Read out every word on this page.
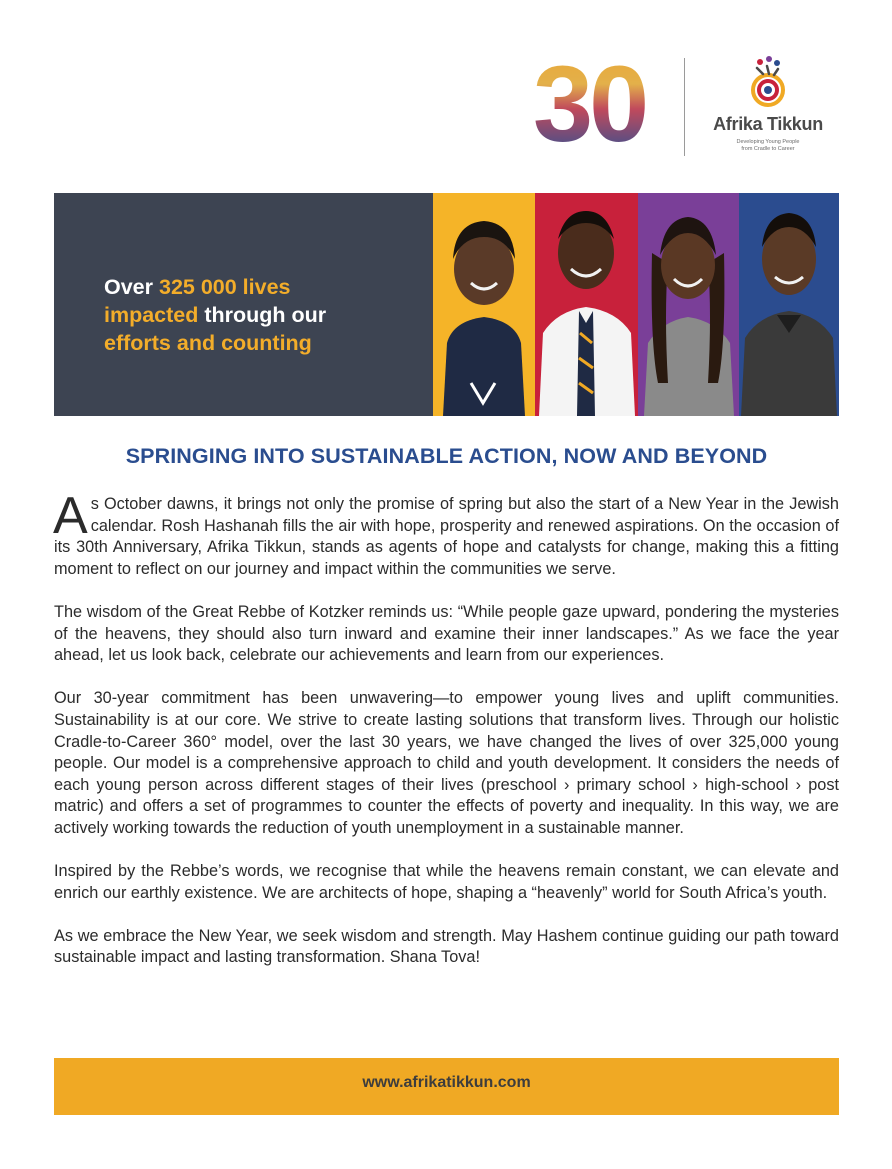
30	Afrika Tikkun
Developing Young People
from Cradle to Career
Over 325 000 lives
impacted through our
efforts and counting
SPRINGING INTO SUSTAINABLE ACTION, NOW AND BEYOND

As October dawns, it brings not only the promise of spring but also the start of a New Year in the Jewish calendar. Rosh Hashanah fills the air with hope, prosperity and renewed aspirations. On the occasion of its 30th Anniversary, Afrika Tikkun, stands as agents of hope and catalysts for change, making this a fitting moment to reflect on our journey and impact within the communities we serve.

The wisdom of the Great Rebbe of Kotzker reminds us: “While people gaze upward, pondering the mysteries of the heavens, they should also turn inward and examine their inner landscapes.” As we face the year ahead, let us look back, celebrate our achievements and learn from our experiences.

Our 30-year commitment has been unwavering—to empower young lives and uplift communities. Sustainability is at our core. We strive to create lasting solutions that transform lives. Through our holistic Cradle-to-Career 360° model, over the last 30 years, we have changed the lives of over 325,000 young people. Our model is a comprehensive approach to child and youth development. It considers the needs of each young person across different stages of their lives (preschool › primary school › high-school › post matric) and offers a set of programmes to counter the effects of poverty and inequality. In this way, we are actively working towards the reduction of youth unemployment in a sustainable manner.

Inspired by the Rebbe’s words, we recognise that while the heavens remain constant, we can elevate and enrich our earthly existence. We are architects of hope, shaping a “heavenly” world for South Africa’s youth.

As we embrace the New Year, we seek wisdom and strength. May Hashem continue guiding our path toward sustainable impact and lasting transformation. Shana Tova!

www.afrikatikkun.com
